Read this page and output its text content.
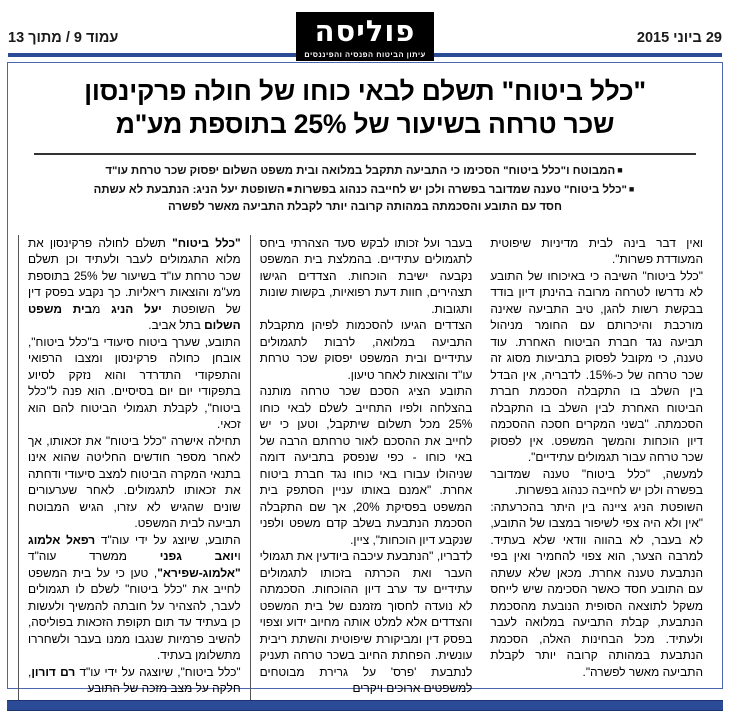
עמוד 9 / מתוך 13	29 ביוני 2015
פוליסה
עיתון הביטוח הפנסיה והפיננסים
"כלל ביטוח" תשלם לבאי כוחו של חולה פרקינסון
שכר טרחה בשיעור של 25% בתוספת מע"מ
■המבוטח ו"כלל ביטוח" הסכימו כי התביעה תתקבל במלואה ובית משפט השלום יפסוק שכר טרחת עו"ד
■"כלל ביטוח" טענה שמדובר בפשרה ולכן יש לחייבה כנהוג בפשרות■השופטת יעל הניג: הנתבעת לא עשתה
חסד עם התובע והסכמתה במהותה קרובה יותר לקבלת התביעה מאשר לפשרה

"כלל ביטוח" תשלם לחולה פרקינסון את מלוא התגמולים לעבר ולעתיד וכן תשלם שכר טרחת עו"ד בשיעור של 25% בתוספת מע"מ והוצאות ריאליות. כך נקבע בפסק דין של השופטת יעל הניג מבית משפט השלום בתל אביב.

התובע, שערך ביטוח סיעודי ב"כלל ביטוח", אובחן כחולה פרקינסון ומצבו הרפואי והתפקודי התדרדר והוא נזקק לסיוע בתפקודי יום יום בסיסיים. הוא פנה ל"כלל ביטוח", לקבלת תגמולי הביטוח להם הוא זכאי.

תחילה אישרה "כלל ביטוח" את זכאותו, אך לאחר מספר חודשים החליטה שהוא אינו בתנאי המקרה הביטוח למצב סיעודי ודחתה את זכאותו לתגמולים. לאחר שערעורים שונים שהגיש לא עזרו, הגיש המבוטח תביעה לבית המשפט.

התובע, שיוצג על ידי עוה"ד רפאל אלמוג ויואב גפני ממשרד עוה"ד "אלמוג-שפירא", טען כי על בית המשפט לחייב את "כלל ביטוח" לשלם לו תגמולים לעבר, להצהיר על חובתה להמשיך ולעשות כן בעתיד עד תום תקופת הזכאות בפוליסה, להשיב פרמיות שנגבו ממנו בעבר ולשחררו מתשלומן בעתיד.

"כלל ביטוח", שיוצגה על ידי עו"ד רם דורון, חלקה על מצב מזכה של התובע

בעבר ועל זכותו לבקש סעד הצהרתי ביחס לתגמולים עתידיים. בהמלצת בית המשפט נקבעה ישיבת הוכחות. הצדדים הגישו תצהירים, חוות דעת רפואיות, בקשות שונות ותגובות.

הצדדים הגיעו להסכמות לפיהן מתקבלת התביעה במלואה, לרבות לתגמולים עתידיים ובית המשפט יפסוק שכר טרחת עו"ד והוצאות לאחר טיעון.

התובע הציג הסכם שכר טרחה מותנה בהצלחה ולפיו התחייב לשלם לבאי כוחו 25% מכל תשלום שיתקבל, וטען כי יש לחייב את ההסכם לאור טרחתם הרבה של באי כוחו - כפי שנפסק בתביעה דומה שניהולו עבורו באי כוחו נגד חברת ביטוח אחרת. "אמנם באותו עניין הסתפק בית המשפט בפסיקת 20%, אך שם התקבלה הסכמת הנתבעת בשלב קדם משפט ולפני שנקבע דיון הוכחות", ציין.

לדבריו, "הנתבעת עיכבה ביודעין את תגמולי העבר ואת הכרתה בזכותו לתגמולים עתידיים עד ערב דיון ההוכחות. הסכמתה לא נועדה לחסוך מזמנם של בית המשפט והצדדים אלא למלט אותה מחיוב ידוע וצפוי בפסק דין ומביקורת שיפוטית והשתת ריבית עונשית. הפחתת החיוב בשכר טרחה תעניק לנתבעת 'פרס' על גרירת מבוטחים למשפטים ארוכים ויקרים

ואין דבר בינה לבית מדיניות שיפוטית המעודדת פשרות".

"כלל ביטוח" השיבה כי באיכוחו של התובע לא נדרשו לטרחה מרובה בהינתן דיון בודד בבקשת רשות להגן, טיב התביעה שאינה מורכבת והיכרותם עם החומר מניהול תביעה נגד חברת הביטוח האחרת. עוד טענה, כי מקובל לפסוק בתביעות מסוג זה שכר טרחה של כ-15%. לדבריה, אין הבדל בין השלב בו התקבלה הסכמת חברת הביטוח האחרת לבין השלב בו התקבלה הסכמתה. "בשני המקרים חסכה ההסכמה דיון הוכחות והמשך המשפט. אין לפסוק שכר טרחה עבור תגמולים עתידיים".

למעשה, "כלל ביטוח" טענה שמדובר בפשרה ולכן יש לחייבה כנהוג בפשרות.

השופטת הניג ציינה בין היתר בהכרעתה: "אין ולא היה צפי לשיפור במצבו של התובע, לא בעבר, לא בהווה וודאי שלא בעתיד. למרבה הצער, הוא צפוי להחמיר ואין בפי הנתבעת טענה אחרת. מכאן שלא עשתה עם התובע חסד כאשר הסכימה שיש לייחס משקל לתוצאה הסופית הנובעת מהסכמת הנתבעת, קבלת התביעה במלואה לעבר ולעתיד. מכל הבחינות האלה, הסכמת הנתבעת במהותה קרובה יותר לקבלת התביעה מאשר לפשרה".
